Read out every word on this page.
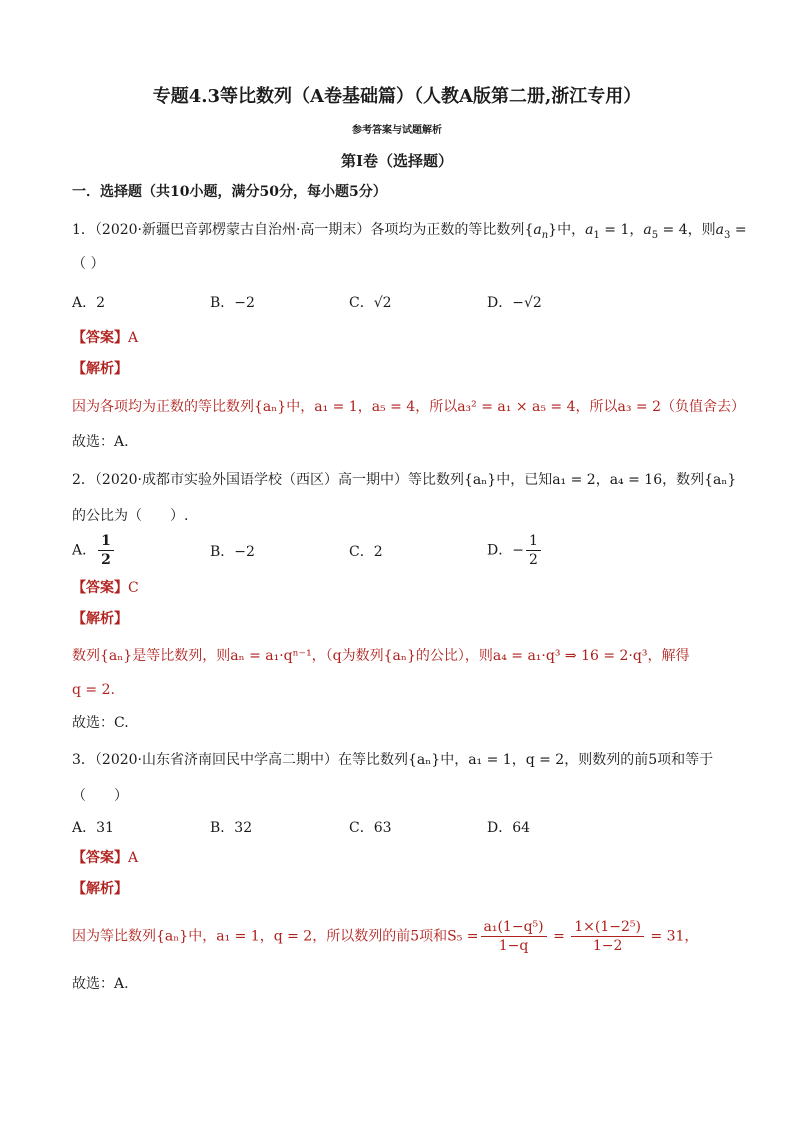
专题4.3等比数列（A卷基础篇）（人教A版第二册,浙江专用）
参考答案与试题解析
第Ⅰ卷（选择题）
一．选择题（共10小题，满分50分，每小题5分）
1．（2020·新疆巴音郭楞蒙古自治州·高一期末）各项均为正数的等比数列$\{a_n\}$中，$a_1 = 1$，$a_5 = 4$，则$a_3$ =
（ ）
A．2	B．−2	C．√2	D．−√2
【答案】A
【解析】
因为各项均为正数的等比数列{aₙ}中，a₁ = 1，a₅ = 4，所以a₃² = a₁ × a₅ = 4，所以a₃ = 2（负值舍去）
故选：A.
2．（2020·成都市实验外国语学校（西区）高一期中）等比数列{aₙ}中，已知a₁ = 2，a₄ = 16，数列{aₙ}
的公比为（　　）.
A． $\frac{1}{2}$	B．−2	C．2	D．− $\frac{1}{2}$
【答案】C
【解析】
数列{aₙ}是等比数列，则aₙ = a₁·qⁿ⁻¹，（q为数列{aₙ}的公比），则a₄ = a₁·q³ ⇒ 16 = 2·q³，解得
q = 2.
故选：C.
3．（2020·山东省济南回民中学高二期中）在等比数列{aₙ}中，a₁ = 1，q = 2，则数列的前5项和等于
（　　）
A．31	B．32	C．63	D．64
【答案】A
【解析】
因为等比数列{aₙ}中，a₁ = 1，q = 2，所以数列的前5项和$S_5 = \frac{\text{a₁(1−q⁵)}}{1-q} = \frac{\text{1×(1−2⁵)}}{1-2} = 31$，
故选：A.
